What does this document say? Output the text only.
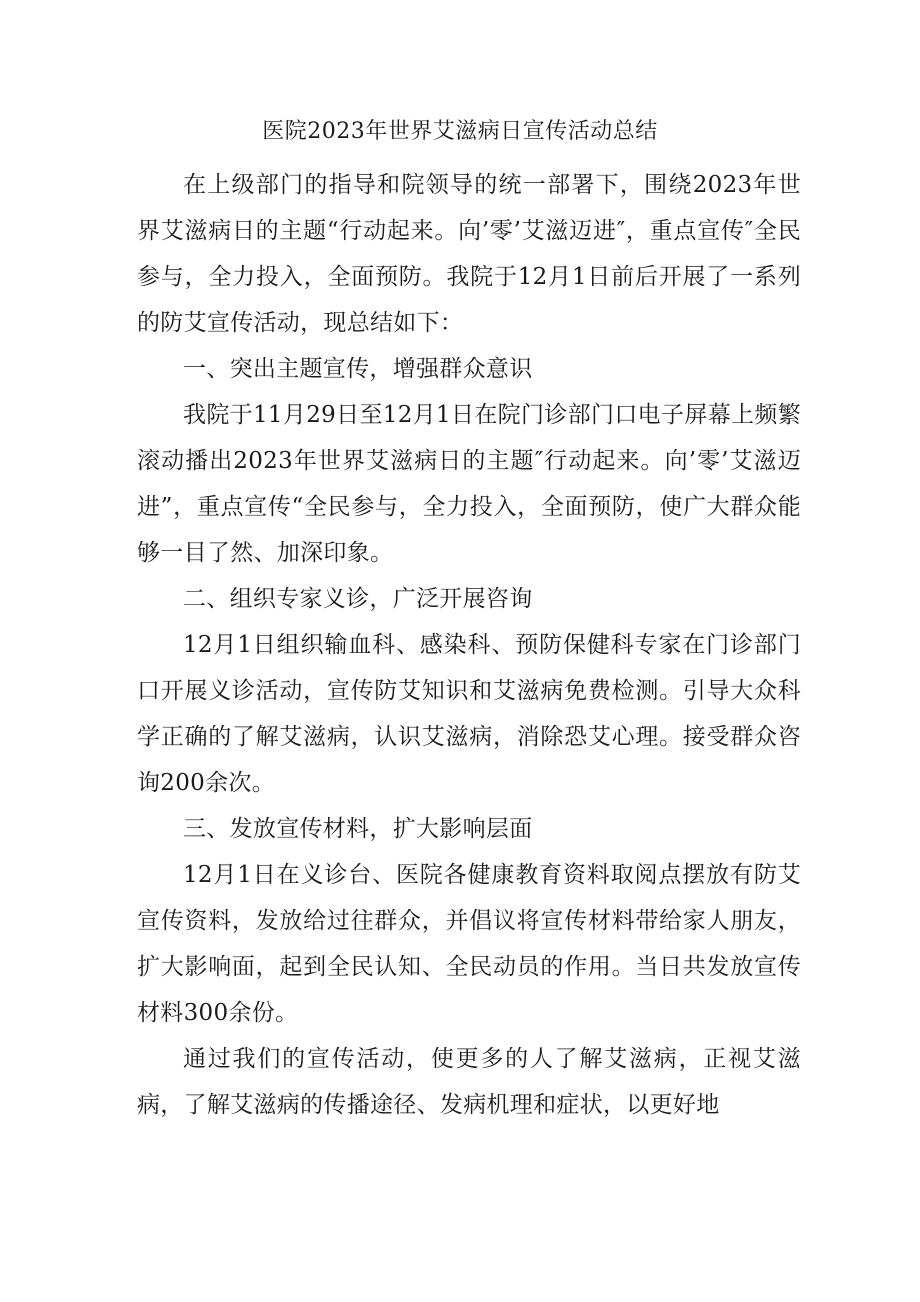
医院2023年世界艾滋病日宣传活动总结

在上级部门的指导和院领导的统一部署下，围绕2023年世界艾滋病日的主题“行动起来。向’零’艾滋迈进″，重点宣传″全民参与，全力投入，全面预防。我院于12月1日前后开展了一系列的防艾宣传活动，现总结如下：

一、突出主题宣传，增强群众意识

我院于11月29日至12月1日在院门诊部门口电子屏幕上频繁滚动播出2023年世界艾滋病日的主题″行动起来。向’零’艾滋迈进”，重点宣传“全民参与，全力投入，全面预防，使广大群众能够一目了然、加深印象。

二、组织专家义诊，广泛开展咨询

12月1日组织输血科、感染科、预防保健科专家在门诊部门口开展义诊活动，宣传防艾知识和艾滋病免费检测。引导大众科学正确的了解艾滋病，认识艾滋病，消除恐艾心理。接受群众咨询200余次。

三、发放宣传材料，扩大影响层面

12月1日在义诊台、医院各健康教育资料取阅点摆放有防艾宣传资料，发放给过往群众，并倡议将宣传材料带给家人朋友，扩大影响面，起到全民认知、全民动员的作用。当日共发放宣传材料300余份。

通过我们的宣传活动，使更多的人了解艾滋病，正视艾滋病，了解艾滋病的传播途径、发病机理和症状，以更好地
